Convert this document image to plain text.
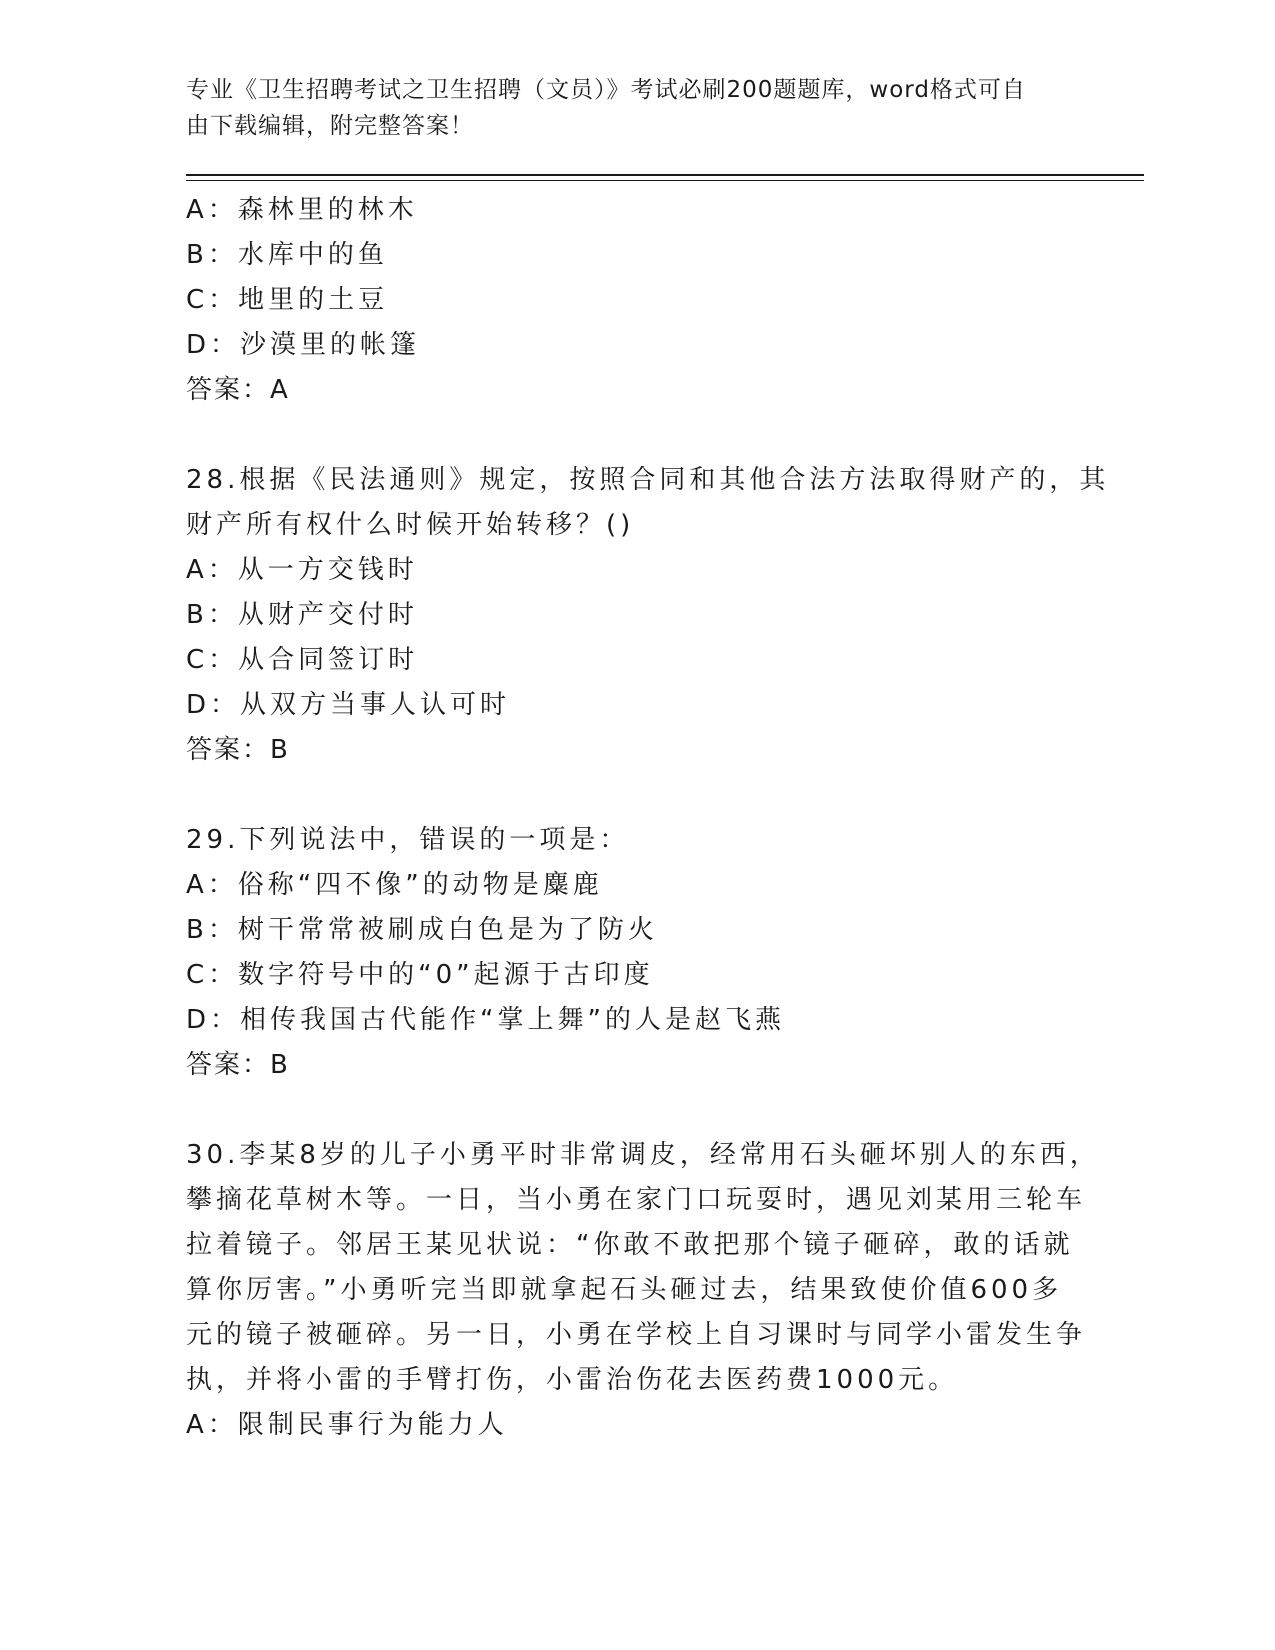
专业《卫生招聘考试之卫生招聘（文员）》考试必刷200题题库，word格式可自
由下载编辑，附完整答案！
A：森林里的林木
B：水库中的鱼
C：地里的土豆
D：沙漠里的帐篷
答案：A
28.根据《民法通则》规定，按照合同和其他合法方法取得财产的，其
财产所有权什么时候开始转移？()
A：从一方交钱时
B：从财产交付时
C：从合同签订时
D：从双方当事人认可时
答案：B
29.下列说法中，错误的一项是：
A：俗称“四不像”的动物是麋鹿
B：树干常常被刷成白色是为了防火
C：数字符号中的“0”起源于古印度
D：相传我国古代能作“掌上舞”的人是赵飞燕
答案：B
30.李某8岁的儿子小勇平时非常调皮，经常用石头砸坏别人的东西，
攀摘花草树木等。一日，当小勇在家门口玩耍时，遇见刘某用三轮车
拉着镜子。邻居王某见状说：“你敢不敢把那个镜子砸碎，敢的话就
算你厉害。”小勇听完当即就拿起石头砸过去，结果致使价值600多
元的镜子被砸碎。另一日，小勇在学校上自习课时与同学小雷发生争
执，并将小雷的手臂打伤，小雷治伤花去医药费1000元。
A：限制民事行为能力人
